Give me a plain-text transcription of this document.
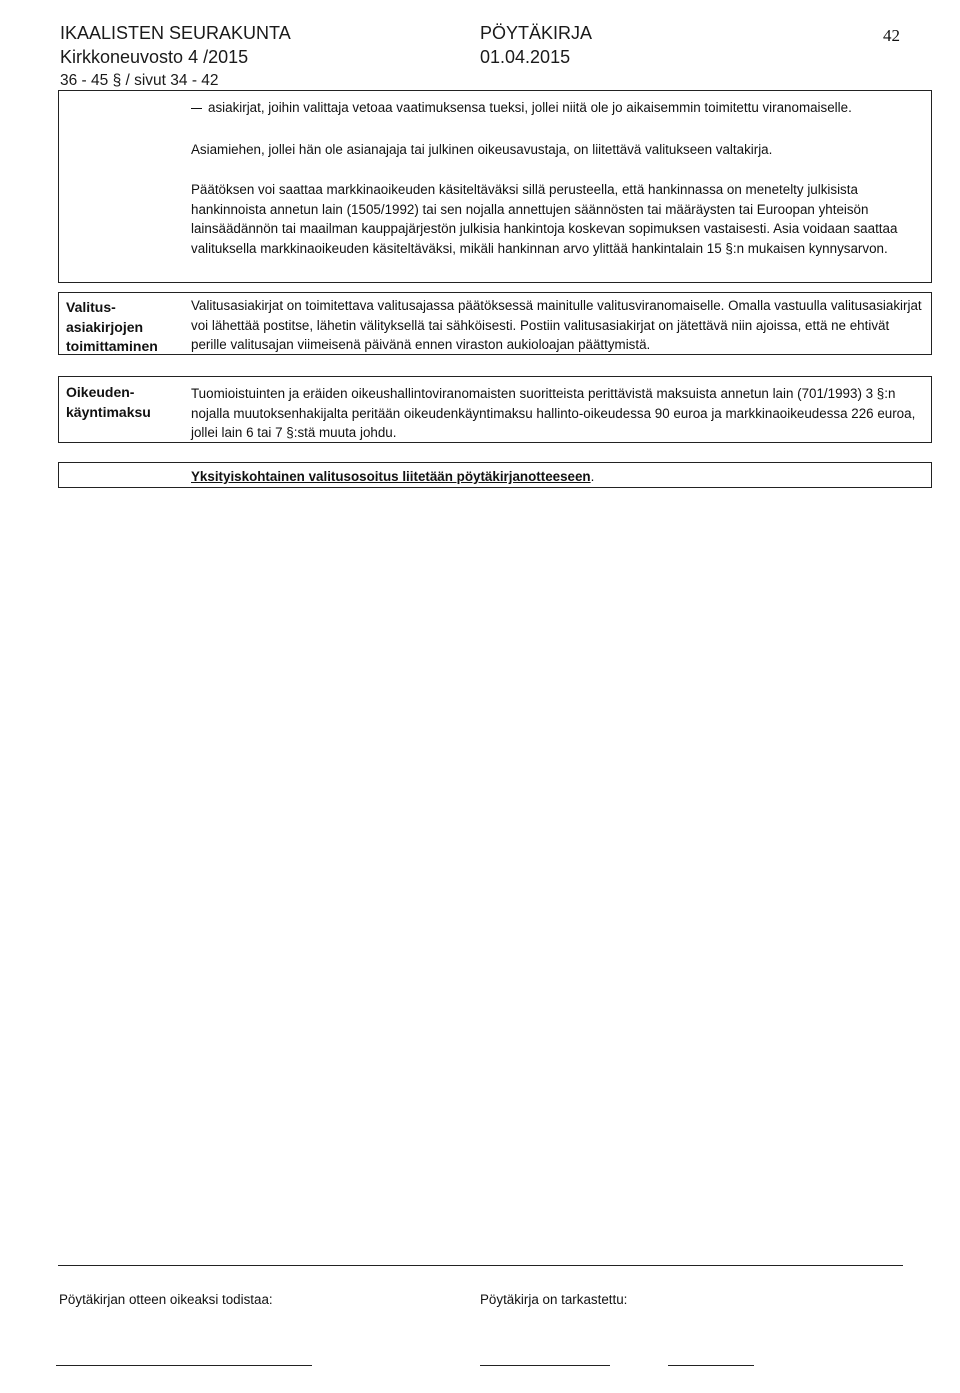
IKAALISTEN SEURAKUNTA
Kirkkoneuvosto 4 /2015
PÖYTÄKIRJA
01.04.2015
42
36 - 45 § / sivut 34 - 42
asiakirjat, joihin valittaja vetoaa vaatimuksensa tueksi, jollei niitä ole jo aikaisemmin toimitettu viranomaiselle.
Asiamiehen, jollei hän ole asianajaja tai julkinen oikeusavustaja, on liitettävä valitukseen valtakirja.
Päätöksen voi saattaa markkinaoikeuden käsiteltäväksi sillä perusteella, että hankinnassa on menetelty julkisista hankinnoista annetun lain (1505/1992) tai sen nojalla annettujen säännösten tai määräysten tai Euroopan yhteisön lainsäädännön tai maailman kauppajärjestön julkisia hankintoja koskevan sopimuksen vastaisesti. Asia voidaan saattaa valituksella markkinaoikeuden käsiteltäväksi, mikäli hankinnan arvo ylittää hankintalain 15 §:n mukaisen kynnysarvon.
Valitus-
asiakirjojen
toimittaminen
Valitusasiakirjat on toimitettava valitusajassa päätöksessä mainitulle valitusviranomaiselle. Omalla vastuulla valitusasiakirjat voi lähettää postitse, lähetin välityksellä tai sähköisesti. Postiin valitusasiakirjat on jätettävä niin ajoissa, että ne ehtivät perille valitusajan viimeisenä päivänä ennen viraston aukioloajan päättymistä.
Oikeuden-
käyntimaksu
Tuomioistuinten ja eräiden oikeushallintoviranomaisten suoritteista perittävistä maksuista annetun lain (701/1993) 3 §:n nojalla muutoksenhakijalta peritään oikeudenkäyntimaksu hallinto-oikeudessa 90 euroa ja markkinaoikeudessa 226 euroa, jollei lain 6 tai 7 §:stä muuta johdu.
Yksityiskohtainen valitusosoitus liitetään pöytäkirjanotteeseen.
Pöytäkirjan otteen oikeaksi todistaa:	Pöytäkirja on tarkastettu:
